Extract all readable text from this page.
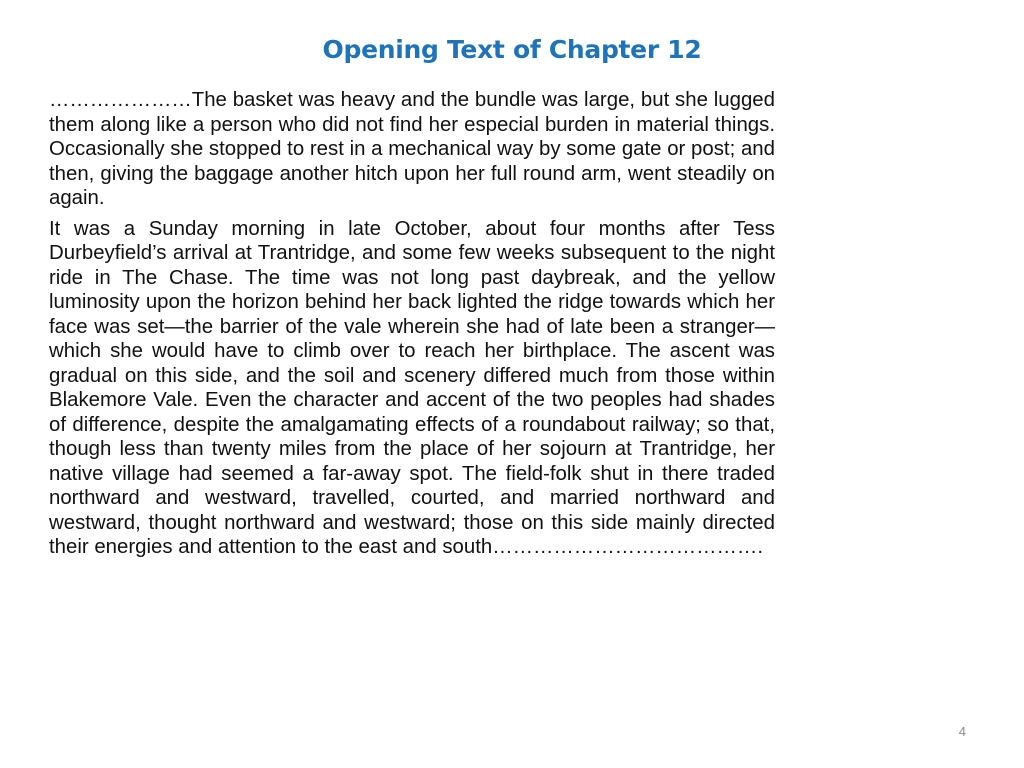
Opening Text of Chapter 12

…………………The basket was heavy and the bundle was large, but she lugged them along like a person who did not find her especial burden in material things. Occasionally she stopped to rest in a mechanical way by some gate or post; and then, giving the baggage another hitch upon her full round arm, went steadily on again.

It was a Sunday morning in late October, about four months after Tess Durbeyfield’s arrival at Trantridge, and some few weeks subsequent to the night ride in The Chase. The time was not long past daybreak, and the yellow luminosity upon the horizon behind her back lighted the ridge towards which her face was set—the barrier of the vale wherein she had of late been a stranger—which she would have to climb over to reach her birthplace. The ascent was gradual on this side, and the soil and scenery differed much from those within Blakemore Vale. Even the character and accent of the two peoples had shades of difference, despite the amalgamating effects of a roundabout railway; so that, though less than twenty miles from the place of her sojourn at Trantridge, her native village had seemed a far-away spot. The field-folk shut in there traded northward and westward, travelled, courted, and married northward and westward, thought northward and westward; those on this side mainly directed their energies and attention to the east and south………………………………….

4
